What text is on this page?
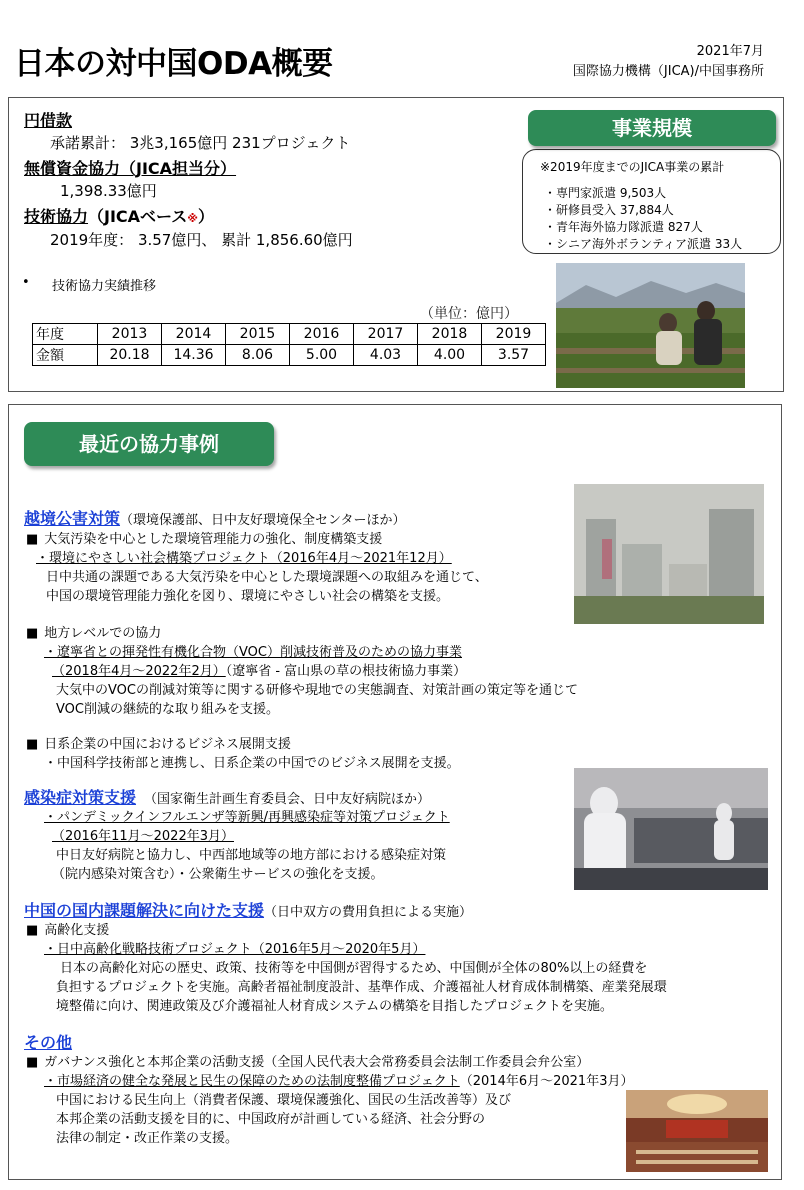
日本の対中国ODA概要	2021年7月
国際協力機構（JICA)/中国事務所
円借款
承諾累計： 3兆3,165億円 231プロジェクト
無償資金協力（JICA担当分）
1,398.33億円
技術協力（JICAベース※）
2019年度： 3.57億円、 累計 1,856.60億円
• 技術協力実績推移
（単位：億円）
年度	2013	2014	2015	2016	2017	2018	2019
金額	20.18	14.36	8.06	5.00	4.03	4.00	3.57
事業規模
※2019年度までのJICA事業の累計
・専門家派遣 9,503人
・研修員受入 37,884人
・青年海外協力隊派遣 827人
・シニア海外ボランティア派遣 33人
最近の協力事例
越境公害対策（環境保護部、日中友好環境保全センターほか）
■ 大気汚染を中心とした環境管理能力の強化、制度構築支援
・環境にやさしい社会構築プロジェクト（2016年4月～2021年12月）
日中共通の課題である大気汚染を中心とした環境課題への取組みを通じて、
中国の環境管理能力強化を図り、環境にやさしい社会の構築を支援。
■ 地方レベルでの協力
・遼寧省との揮発性有機化合物（VOC）削減技術普及のための協力事業
（2018年4月～2022年2月）（遼寧省 - 富山県の草の根技術協力事業）
大気中のVOCの削減対策等に関する研修や現地での実態調査、対策計画の策定等を通じて
VOC削減の継続的な取り組みを支援。
■ 日系企業の中国におけるビジネス展開支援
・中国科学技術部と連携し、日系企業の中国でのビジネス展開を支援。
感染症対策支援 （国家衛生計画生育委員会、日中友好病院ほか）
・パンデミックインフルエンザ等新興/再興感染症等対策プロジェクト
（2016年11月～2022年3月）
中日友好病院と協力し、中西部地域等の地方部における感染症対策
（院内感染対策含む）・公衆衛生サービスの強化を支援。
中国の国内課題解決に向けた支援（日中双方の費用負担による実施）
■ 高齢化支援
・日中高齢化戦略技術プロジェクト（2016年5月～2020年5月）
日本の高齢化対応の歴史、政策、技術等を中国側が習得するため、中国側が全体の80%以上の経費を
負担するプロジェクトを実施。高齢者福祉制度設計、基準作成、介護福祉人材育成体制構築、産業発展環
境整備に向け、関連政策及び介護福祉人材育成システムの構築を目指したプロジェクトを実施。
その他
■ ガバナンス強化と本邦企業の活動支援（全国人民代表大会常務委員会法制工作委員会弁公室）
・市場経済の健全な発展と民生の保障のための法制度整備プロジェクト（2014年6月～2021年3月）
中国における民生向上（消費者保護、環境保護強化、国民の生活改善等）及び
本邦企業の活動支援を目的に、中国政府が計画している経済、社会分野の
法律の制定・改正作業の支援。
